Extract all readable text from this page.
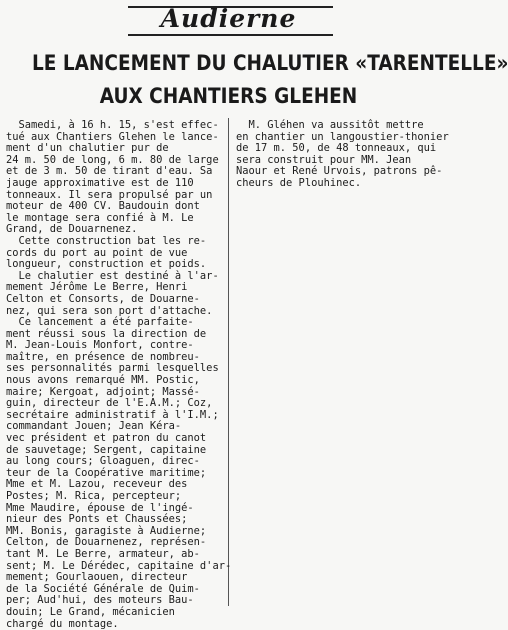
Audierne
LE LANCEMENT DU CHALUTIER «TARENTELLE»
AUX CHANTIERS GLEHEN
Samedi, à 16 h. 15, s'est effec-
tué aux Chantiers Glehen le lance-
ment d'un chalutier pur de
24 m. 50 de long, 6 m. 80 de large
et de 3 m. 50 de tirant d'eau. Sa
jauge approximative est de 110
tonneaux. Il sera propulsé par un
moteur de 400 CV. Baudouin dont
le montage sera confié à M. Le
Grand, de Douarnenez.
Cette construction bat les re-
cords du port au point de vue
longueur, construction et poids.
Le chalutier est destiné à l'ar-
mement Jérôme Le Berre, Henri
Celton et Consorts, de Douarne-
nez, qui sera son port d'attache.
Ce lancement a été parfaite-
ment réussi sous la direction de
M. Jean-Louis Monfort, contre-
maître, en présence de nombreu-
ses personnalités parmi lesquelles
nous avons remarqué MM. Postic,
maire; Kergoat, adjoint; Massé-
guin, directeur de l'E.A.M.; Coz,
secrétaire administratif à l'I.M.;
commandant Jouen; Jean Kéra-
vec président et patron du canot
de sauvetage; Sergent, capitaine
au long cours; Gloaguen, direc-
teur de la Coopérative maritime;
Mme et M. Lazou, receveur des
Postes; M. Rica, percepteur;
Mme Maudire, épouse de l'ingé-
nieur des Ponts et Chaussées;
MM. Bonis, garagiste à Audierne;
Celton, de Douarnenez, représen-
tant M. Le Berre, armateur, ab-
sent; M. Le Dérédec, capitaine d'ar-
mement; Gourlaouen, directeur
de la Société Générale de Quim-
per; Aud'hui, des moteurs Bau-
douin; Le Grand, mécanicien
chargé du montage.
M. Gléhen va aussitôt mettre
en chantier un langoustier-thonier
de 17 m. 50, de 48 tonneaux, qui
sera construit pour MM. Jean
Naour et René Urvois, patrons pê-
cheurs de Plouhinec.
